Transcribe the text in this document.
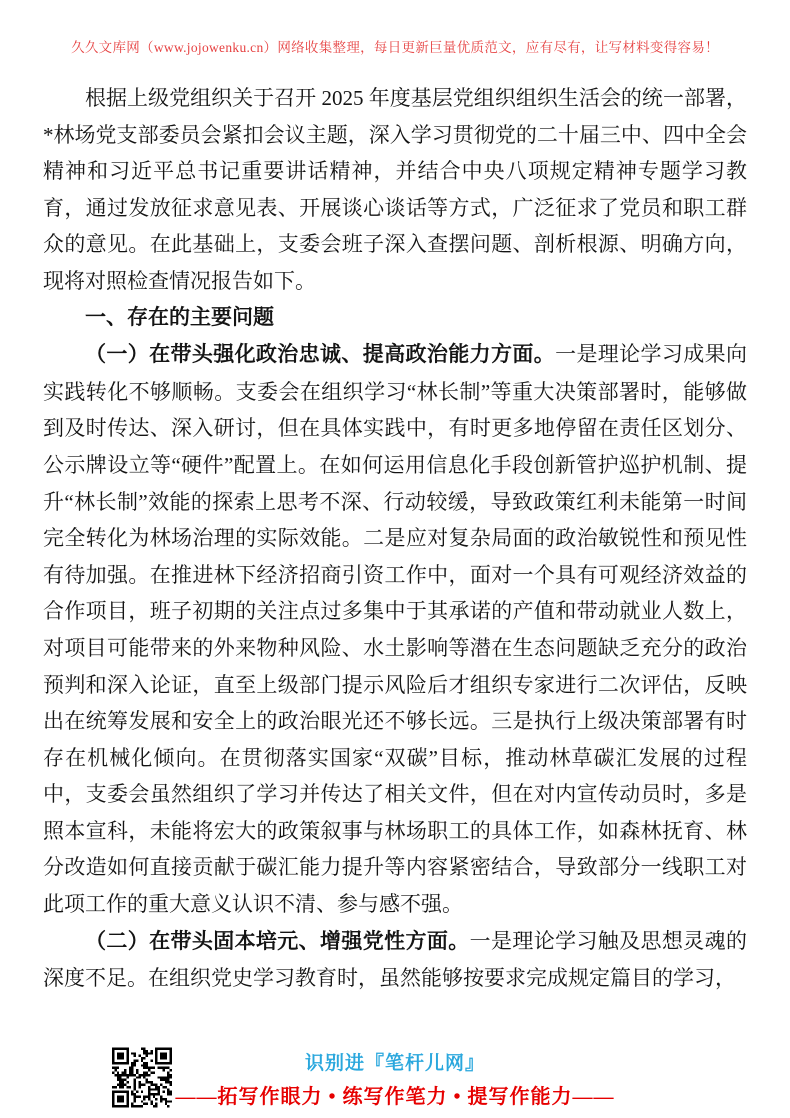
久久文库网（www.jojowenku.cn）网络收集整理，每日更新巨量优质范文，应有尽有，让写材料变得容易！

根据上级党组织关于召开 2025 年度基层党组织组织生活会的统一部署，*林场党支部委员会紧扣会议主题，深入学习贯彻党的二十届三中、四中全会精神和习近平总书记重要讲话精神，并结合中央八项规定精神专题学习教育，通过发放征求意见表、开展谈心谈话等方式，广泛征求了党员和职工群众的意见。在此基础上，支委会班子深入查摆问题、剖析根源、明确方向，现将对照检查情况报告如下。

一、存在的主要问题

（一）在带头强化政治忠诚、提高政治能力方面。一是理论学习成果向实践转化不够顺畅。支委会在组织学习“林长制”等重大决策部署时，能够做到及时传达、深入研讨，但在具体实践中，有时更多地停留在责任区划分、公示牌设立等“硬件”配置上。在如何运用信息化手段创新管护巡护机制、提升“林长制”效能的探索上思考不深、行动较缓，导致政策红利未能第一时间完全转化为林场治理的实际效能。二是应对复杂局面的政治敏锐性和预见性有待加强。在推进林下经济招商引资工作中，面对一个具有可观经济效益的合作项目，班子初期的关注点过多集中于其承诺的产值和带动就业人数上，对项目可能带来的外来物种风险、水土影响等潜在生态问题缺乏充分的政治预判和深入论证，直至上级部门提示风险后才组织专家进行二次评估，反映出在统筹发展和安全上的政治眼光还不够长远。三是执行上级决策部署有时存在机械化倾向。在贯彻落实国家“双碳”目标，推动林草碳汇发展的过程中，支委会虽然组织了学习并传达了相关文件，但在对内宣传动员时，多是照本宣科，未能将宏大的政策叙事与林场职工的具体工作，如森林抚育、林分改造如何直接贡献于碳汇能力提升等内容紧密结合，导致部分一线职工对此项工作的重大意义认识不清、参与感不强。

（二）在带头固本培元、增强党性方面。一是理论学习触及思想灵魂的深度不足。在组织党史学习教育时，虽然能够按要求完成规定篇目的学习，

识别进『笔杆儿网』
——拓写作眼力 • 练写作笔力 • 提写作能力——
